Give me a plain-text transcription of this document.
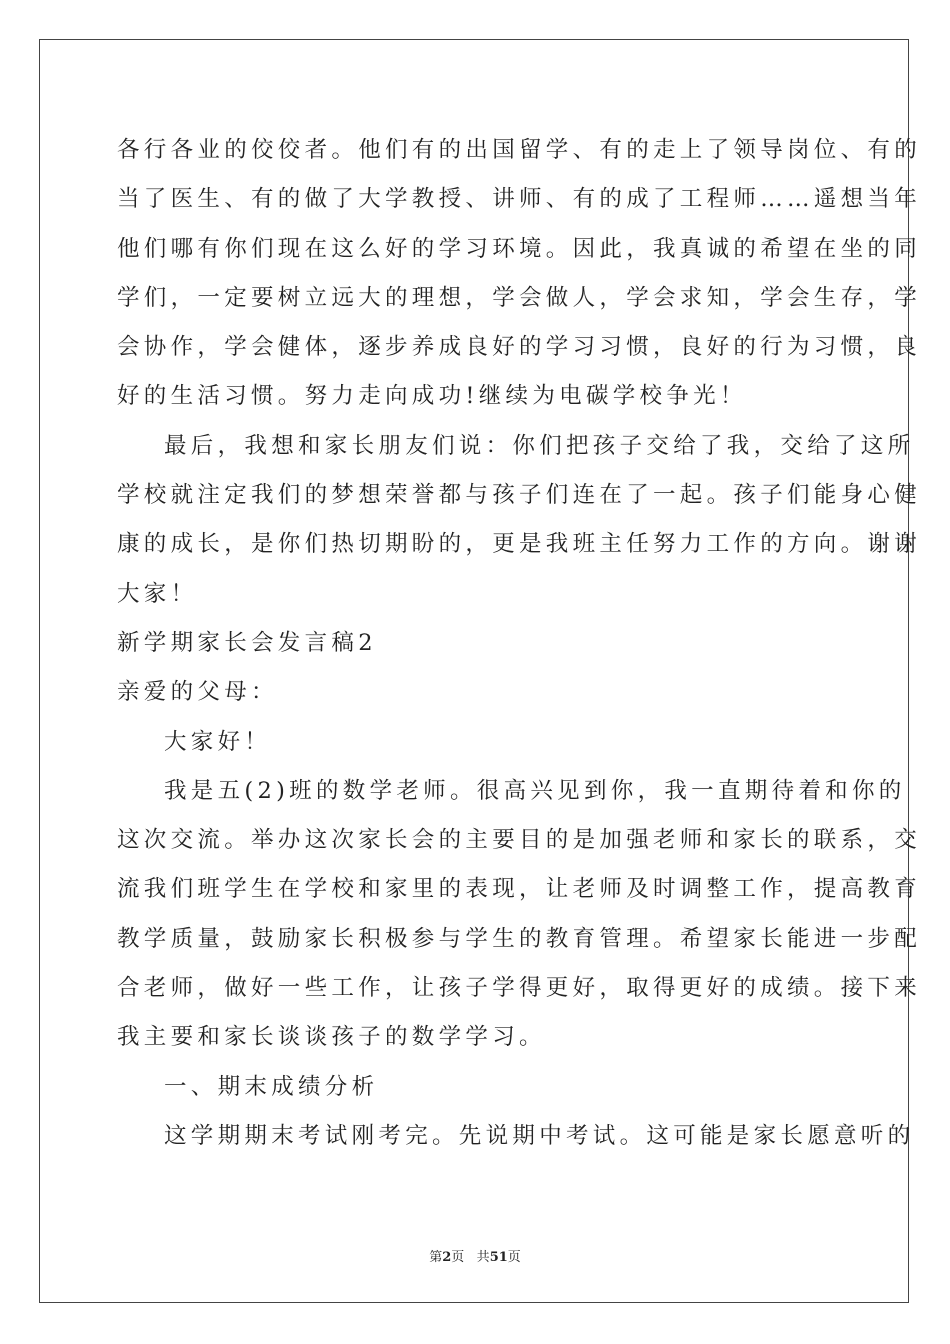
各行各业的佼佼者。他们有的出国留学、有的走上了领导岗位、有的
当了医生、有的做了大学教授、讲师、有的成了工程师……遥想当年
他们哪有你们现在这么好的学习环境。因此，我真诚的希望在坐的同
学们，一定要树立远大的理想，学会做人，学会求知，学会生存，学
会协作，学会健体，逐步养成良好的学习习惯，良好的行为习惯，良
好的生活习惯。努力走向成功!继续为电碳学校争光！
最后，我想和家长朋友们说：你们把孩子交给了我，交给了这所
学校就注定我们的梦想荣誉都与孩子们连在了一起。孩子们能身心健
康的成长，是你们热切期盼的，更是我班主任努力工作的方向。谢谢
大家！
新学期家长会发言稿2
亲爱的父母：
大家好！
我是五(2)班的数学老师。很高兴见到你，我一直期待着和你的
这次交流。举办这次家长会的主要目的是加强老师和家长的联系，交
流我们班学生在学校和家里的表现，让老师及时调整工作，提高教育
教学质量，鼓励家长积极参与学生的教育管理。希望家长能进一步配
合老师，做好一些工作，让孩子学得更好，取得更好的成绩。接下来
我主要和家长谈谈孩子的数学学习。
一、期末成绩分析
这学期期末考试刚考完。先说期中考试。这可能是家长愿意听的
第2页 共51页
